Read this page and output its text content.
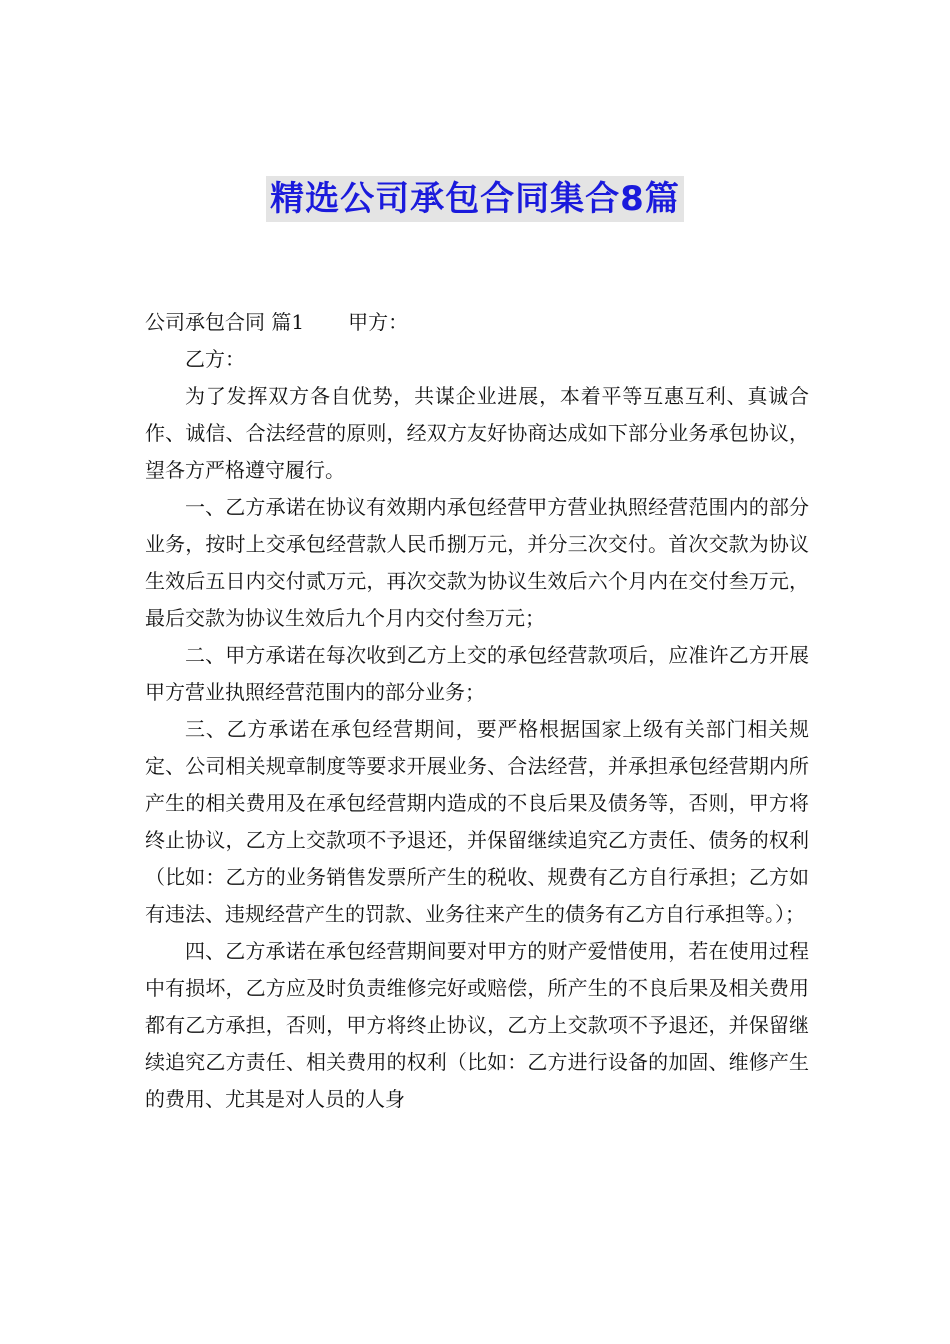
精选公司承包合同集合8篇

公司承包合同 篇1 甲方：

乙方：

为了发挥双方各自优势，共谋企业进展，本着平等互惠互利、真诚合作、诚信、合法经营的原则，经双方友好协商达成如下部分业务承包协议，望各方严格遵守履行。

一、乙方承诺在协议有效期内承包经营甲方营业执照经营范围内的部分业务，按时上交承包经营款人民币捌万元，并分三次交付。首次交款为协议生效后五日内交付贰万元，再次交款为协议生效后六个月内在交付叁万元，最后交款为协议生效后九个月内交付叁万元；

二、甲方承诺在每次收到乙方上交的承包经营款项后，应准许乙方开展甲方营业执照经营范围内的部分业务；

三、乙方承诺在承包经营期间，要严格根据国家上级有关部门相关规定、公司相关规章制度等要求开展业务、合法经营，并承担承包经营期内所产生的相关费用及在承包经营期内造成的不良后果及债务等，否则，甲方将终止协议，乙方上交款项不予退还，并保留继续追究乙方责任、债务的权利（比如：乙方的业务销售发票所产生的税收、规费有乙方自行承担；乙方如有违法、违规经营产生的罚款、业务往来产生的债务有乙方自行承担等。）；

四、乙方承诺在承包经营期间要对甲方的财产爱惜使用，若在使用过程中有损坏，乙方应及时负责维修完好或赔偿，所产生的不良后果及相关费用都有乙方承担，否则，甲方将终止协议，乙方上交款项不予退还，并保留继续追究乙方责任、相关费用的权利（比如：乙方进行设备的加固、维修产生的费用、尤其是对人员的人身
